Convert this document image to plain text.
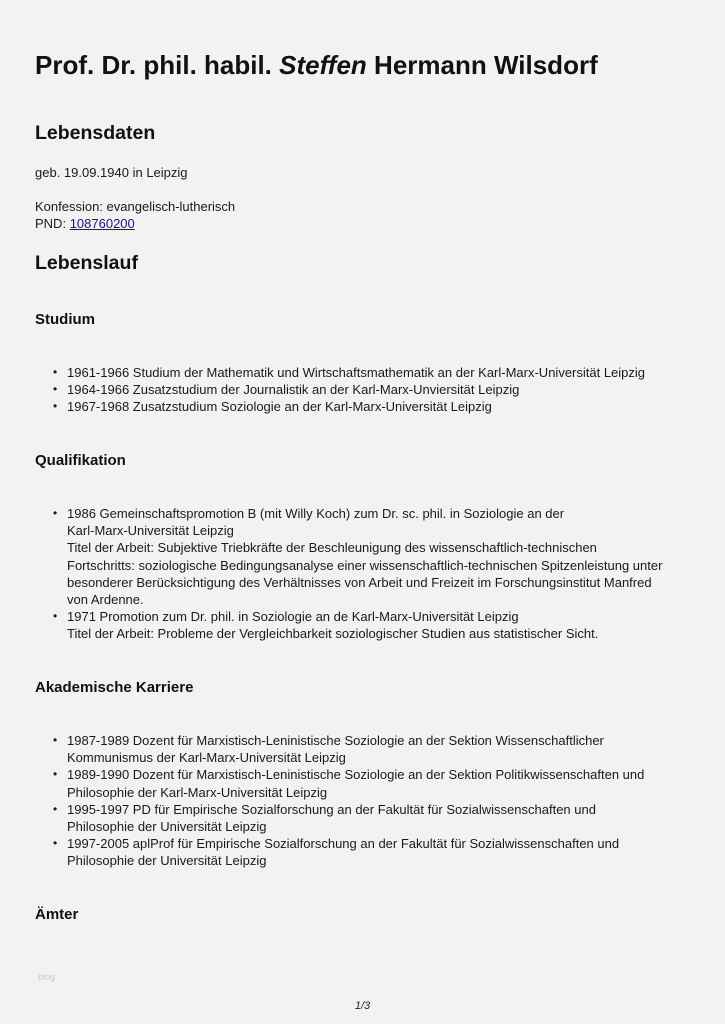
Prof. Dr. phil. habil. Steffen Hermann Wilsdorf
Lebensdaten

geb. 19.09.1940 in Leipzig

Konfession: evangelisch-lutherisch

PND: 108760200

Lebenslauf
Studium
• 1961-1966 Studium der Mathematik und Wirtschaftsmathematik an der Karl-Marx-Universität Leipzig
• 1964-1966 Zusatzstudium der Journalistik an der Karl-Marx-Unviersität Leipzig
• 1967-1968 Zusatzstudium Soziologie an der Karl-Marx-Universität Leipzig
Qualifikation
• 1986 Gemeinschaftspromotion B (mit Willy Koch) zum Dr. sc. phil. in Soziologie an der
Karl-Marx-Universität Leipzig
Titel der Arbeit: Subjektive Triebkräfte der Beschleunigung des wissenschaftlich-technischen
Fortschritts: soziologische Bedingungsanalyse einer wissenschaftlich-technischen Spitzenleistung unter
besonderer Berücksichtigung des Verhältnisses von Arbeit und Freizeit im Forschungsinstitut Manfred
von Ardenne.
• 1971 Promotion zum Dr. phil. in Soziologie an de Karl-Marx-Universität Leipzig
Titel der Arbeit: Probleme der Vergleichbarkeit soziologischer Studien aus statistischer Sicht.
Akademische Karriere
• 1987-1989 Dozent für Marxistisch-Leninistische Soziologie an der Sektion Wissenschaftlicher
Kommunismus der Karl-Marx-Universität Leipzig
• 1989-1990 Dozent für Marxistisch-Leninistische Soziologie an der Sektion Politikwissenschaften und
Philosophie der Karl-Marx-Universität Leipzig
• 1995-1997 PD für Empirische Sozialforschung an der Fakultät für Sozialwissenschaften und
Philosophie der Universität Leipzig
• 1997-2005 aplProf für Empirische Sozialforschung an der Fakultät für Sozialwissenschaften und
Philosophie der Universität Leipzig
Ämter
blog
1/3
